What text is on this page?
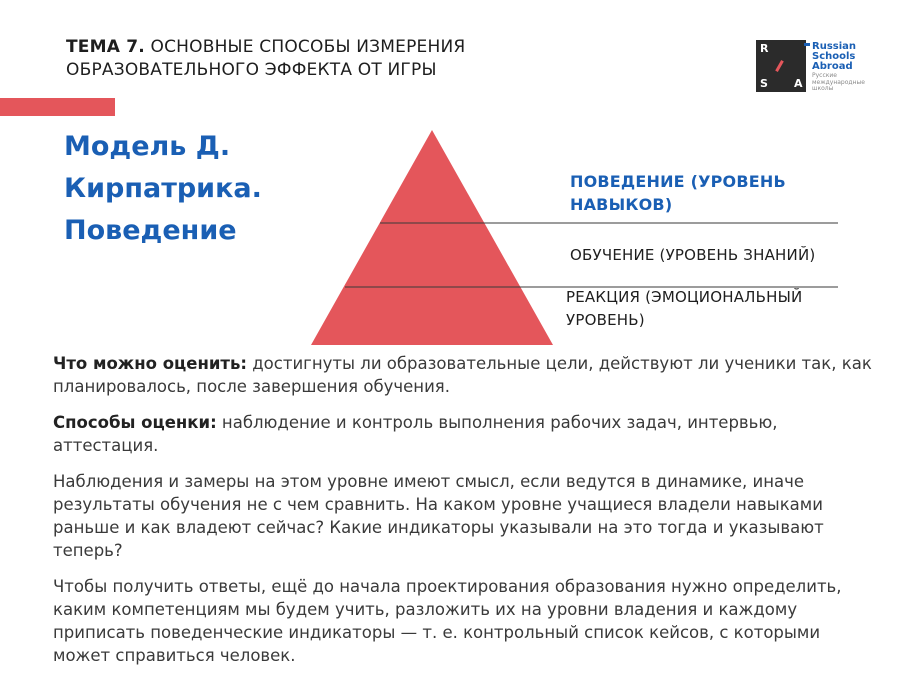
ТЕМА 7. ОСНОВНЫЕ СПОСОБЫ ИЗМЕРЕНИЯ
ОБРАЗОВАТЕЛЬНОГО ЭФФЕКТА ОТ ИГРЫ
R
S A
Russian
Schools
Abroad
Русские
международные
школы
Модель Д.
Кирпатрика.
Поведение
ПОВЕДЕНИЕ (УРОВЕНЬ
НАВЫКОВ)
ОБУЧЕНИЕ (УРОВЕНЬ ЗНАНИЙ)
РЕАКЦИЯ (ЭМОЦИОНАЛЬНЫЙ
УРОВЕНЬ)

Что можно оценить: достигнуты ли образовательные цели, действуют ли ученики так, как планировалось, после завершения обучения.

Способы оценки: наблюдение и контроль выполнения рабочих задач, интервью, аттестация.

Наблюдения и замеры на этом уровне имеют смысл, если ведутся в динамике, иначе результаты обучения не с чем сравнить. На каком уровне учащиеся владели навыками раньше и как владеют сейчас? Какие индикаторы указывали на это тогда и указывают теперь?

Чтобы получить ответы, ещё до начала проектирования образования нужно определить, каким компетенциям мы будем учить, разложить их на уровни владения и каждому приписать поведенческие индикаторы — т. е. контрольный список кейсов, с которыми может справиться человек.
